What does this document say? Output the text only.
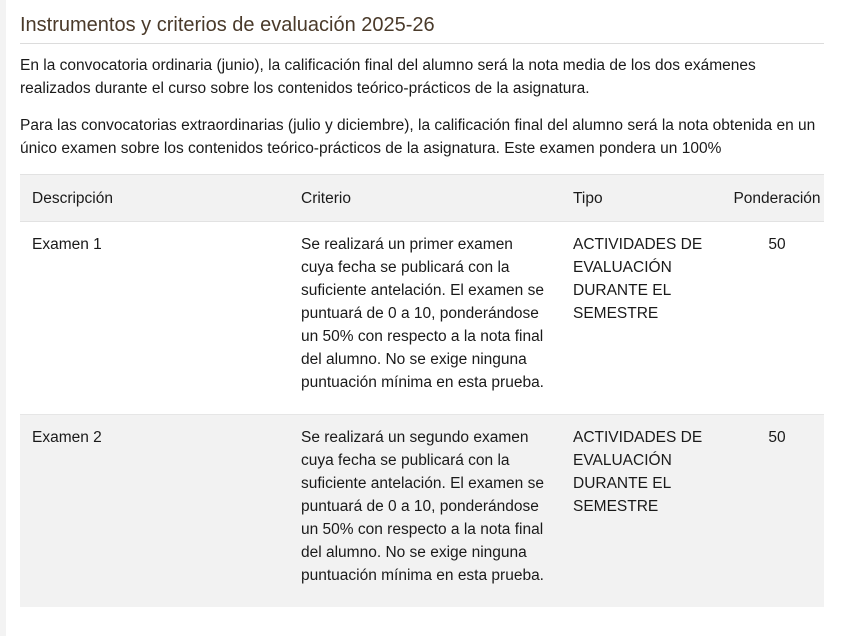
Instrumentos y criterios de evaluación 2025-26

En la convocatoria ordinaria (junio), la calificación final del alumno será la nota media de los dos exámenes realizados durante el curso sobre los contenidos teórico-prácticos de la asignatura.

Para las convocatorias extraordinarias (julio y diciembre), la calificación final del alumno será la nota obtenida en un único examen sobre los contenidos teórico-prácticos de la asignatura. Este examen pondera un 100%

Descripción	Criterio	Tipo	Ponderación
Examen 1	Se realizará un primer examen cuya fecha se publicará con la suficiente antelación. El examen se puntuará de 0 a 10, ponderándose un 50% con respecto a la nota final del alumno. No se exige ninguna puntuación mínima en esta prueba.	ACTIVIDADES DE EVALUACIÓN DURANTE EL SEMESTRE	50
Examen 2	Se realizará un segundo examen cuya fecha se publicará con la suficiente antelación. El examen se puntuará de 0 a 10, ponderándose un 50% con respecto a la nota final del alumno. No se exige ninguna puntuación mínima en esta prueba.	ACTIVIDADES DE EVALUACIÓN DURANTE EL SEMESTRE	50
